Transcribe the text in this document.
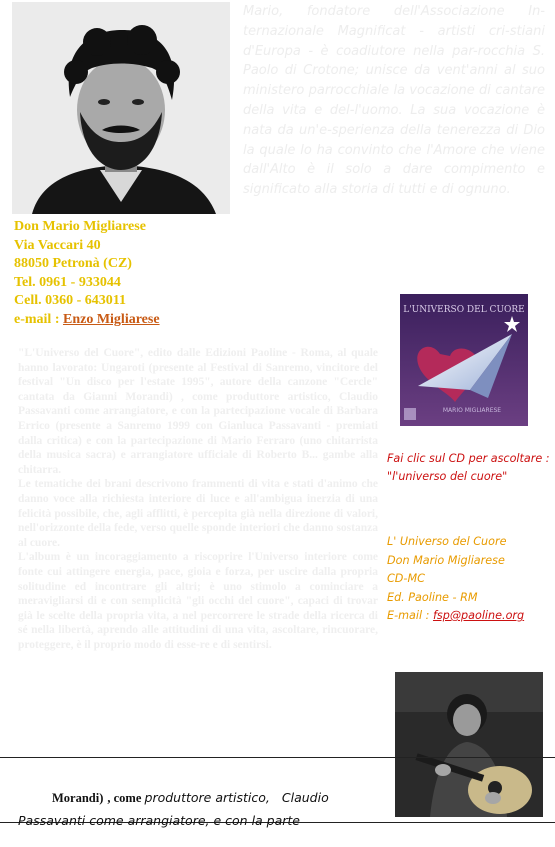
Don Mario Migliarese
Via Vaccari 40
88050 Petronà (CZ)
Tel. 0961 - 933044
Cell. 0360 - 643011
e-mail : Enzo Migliarese
Mario, fondatore dell'Associazione In-ternazionale Magnificat - artisti cri-stiani d'Europa - è coadiutore nella par-rocchia S. Paolo di Crotone; unisce da vent'anni al suo ministero parrocchiale la vocazione di cantare della vita e del-l'uomo. La sua vocazione è nata da un'e-sperienza della tenerezza di Dio la quale lo ha convinto che l'Amore che viene dall'Alto è il solo a dare compimento e significato alla storia di tutti e di ognuno.

"L'Universo del Cuore", edito dalle Edizioni Paoline - Roma, al quale hanno lavorato: Ungaroti (presente al Festival di Sanremo, vincitore del festival "Un disco per l'estate 1995", autore della canzone "Cercle" cantata da Gianni Morandi) , come produttore artistico, Claudio Passavanti come arrangiatore, e con la partecipazione vocale di Barbara Errico (presente a Sanremo 1999 con Gianluca Passavanti - premiati dalla critica) e con la partecipazione di Mario Ferraro (uno chitarrista della musica sacra) e arrangiatore ufficiale di Roberto B... gambe alla chitarra.

Le tematiche dei brani descrivono frammenti di vita e stati d'animo che danno voce alla richiesta interiore di luce e all'ambigua inerzia di una felicità possibile, che, agli afflitti, è percepita già nella direzione di valori, nell'orizzonte della fede, verso quelle sponde interiori che danno sostanza al cuore.

L'album è un incoraggiamento a riscoprire l'Universo interiore come fonte cui attingere energia, pace, gioia e forza, per uscire dalla propria solitudine ed incontrare gli altri; è uno stimolo a cominciare a meravigliarsi di e con semplicità "gli occhi del cuore", capaci di trovar già le scelte della propria vita, a nel percorrere le strade della ricerca di sé nella libertà, aprendo alle attitudini di una vita, ascoltare, rincuorare, proteggere, è il proprio modo di esse-re e di sentirsi.

L'UNIVERSO DEL CUORE
MARIO MIGLIARESE
Fai clic sul CD per ascoltare :
"l'universo del cuore"
L' Universo del Cuore
Don Mario Migliarese
CD-MC
Ed. Paoline - RM
E-mail : fsp@paoline.org
Morandi) , come produttore artistico, Claudio
Passavanti come arrangiatore, e con la parte
